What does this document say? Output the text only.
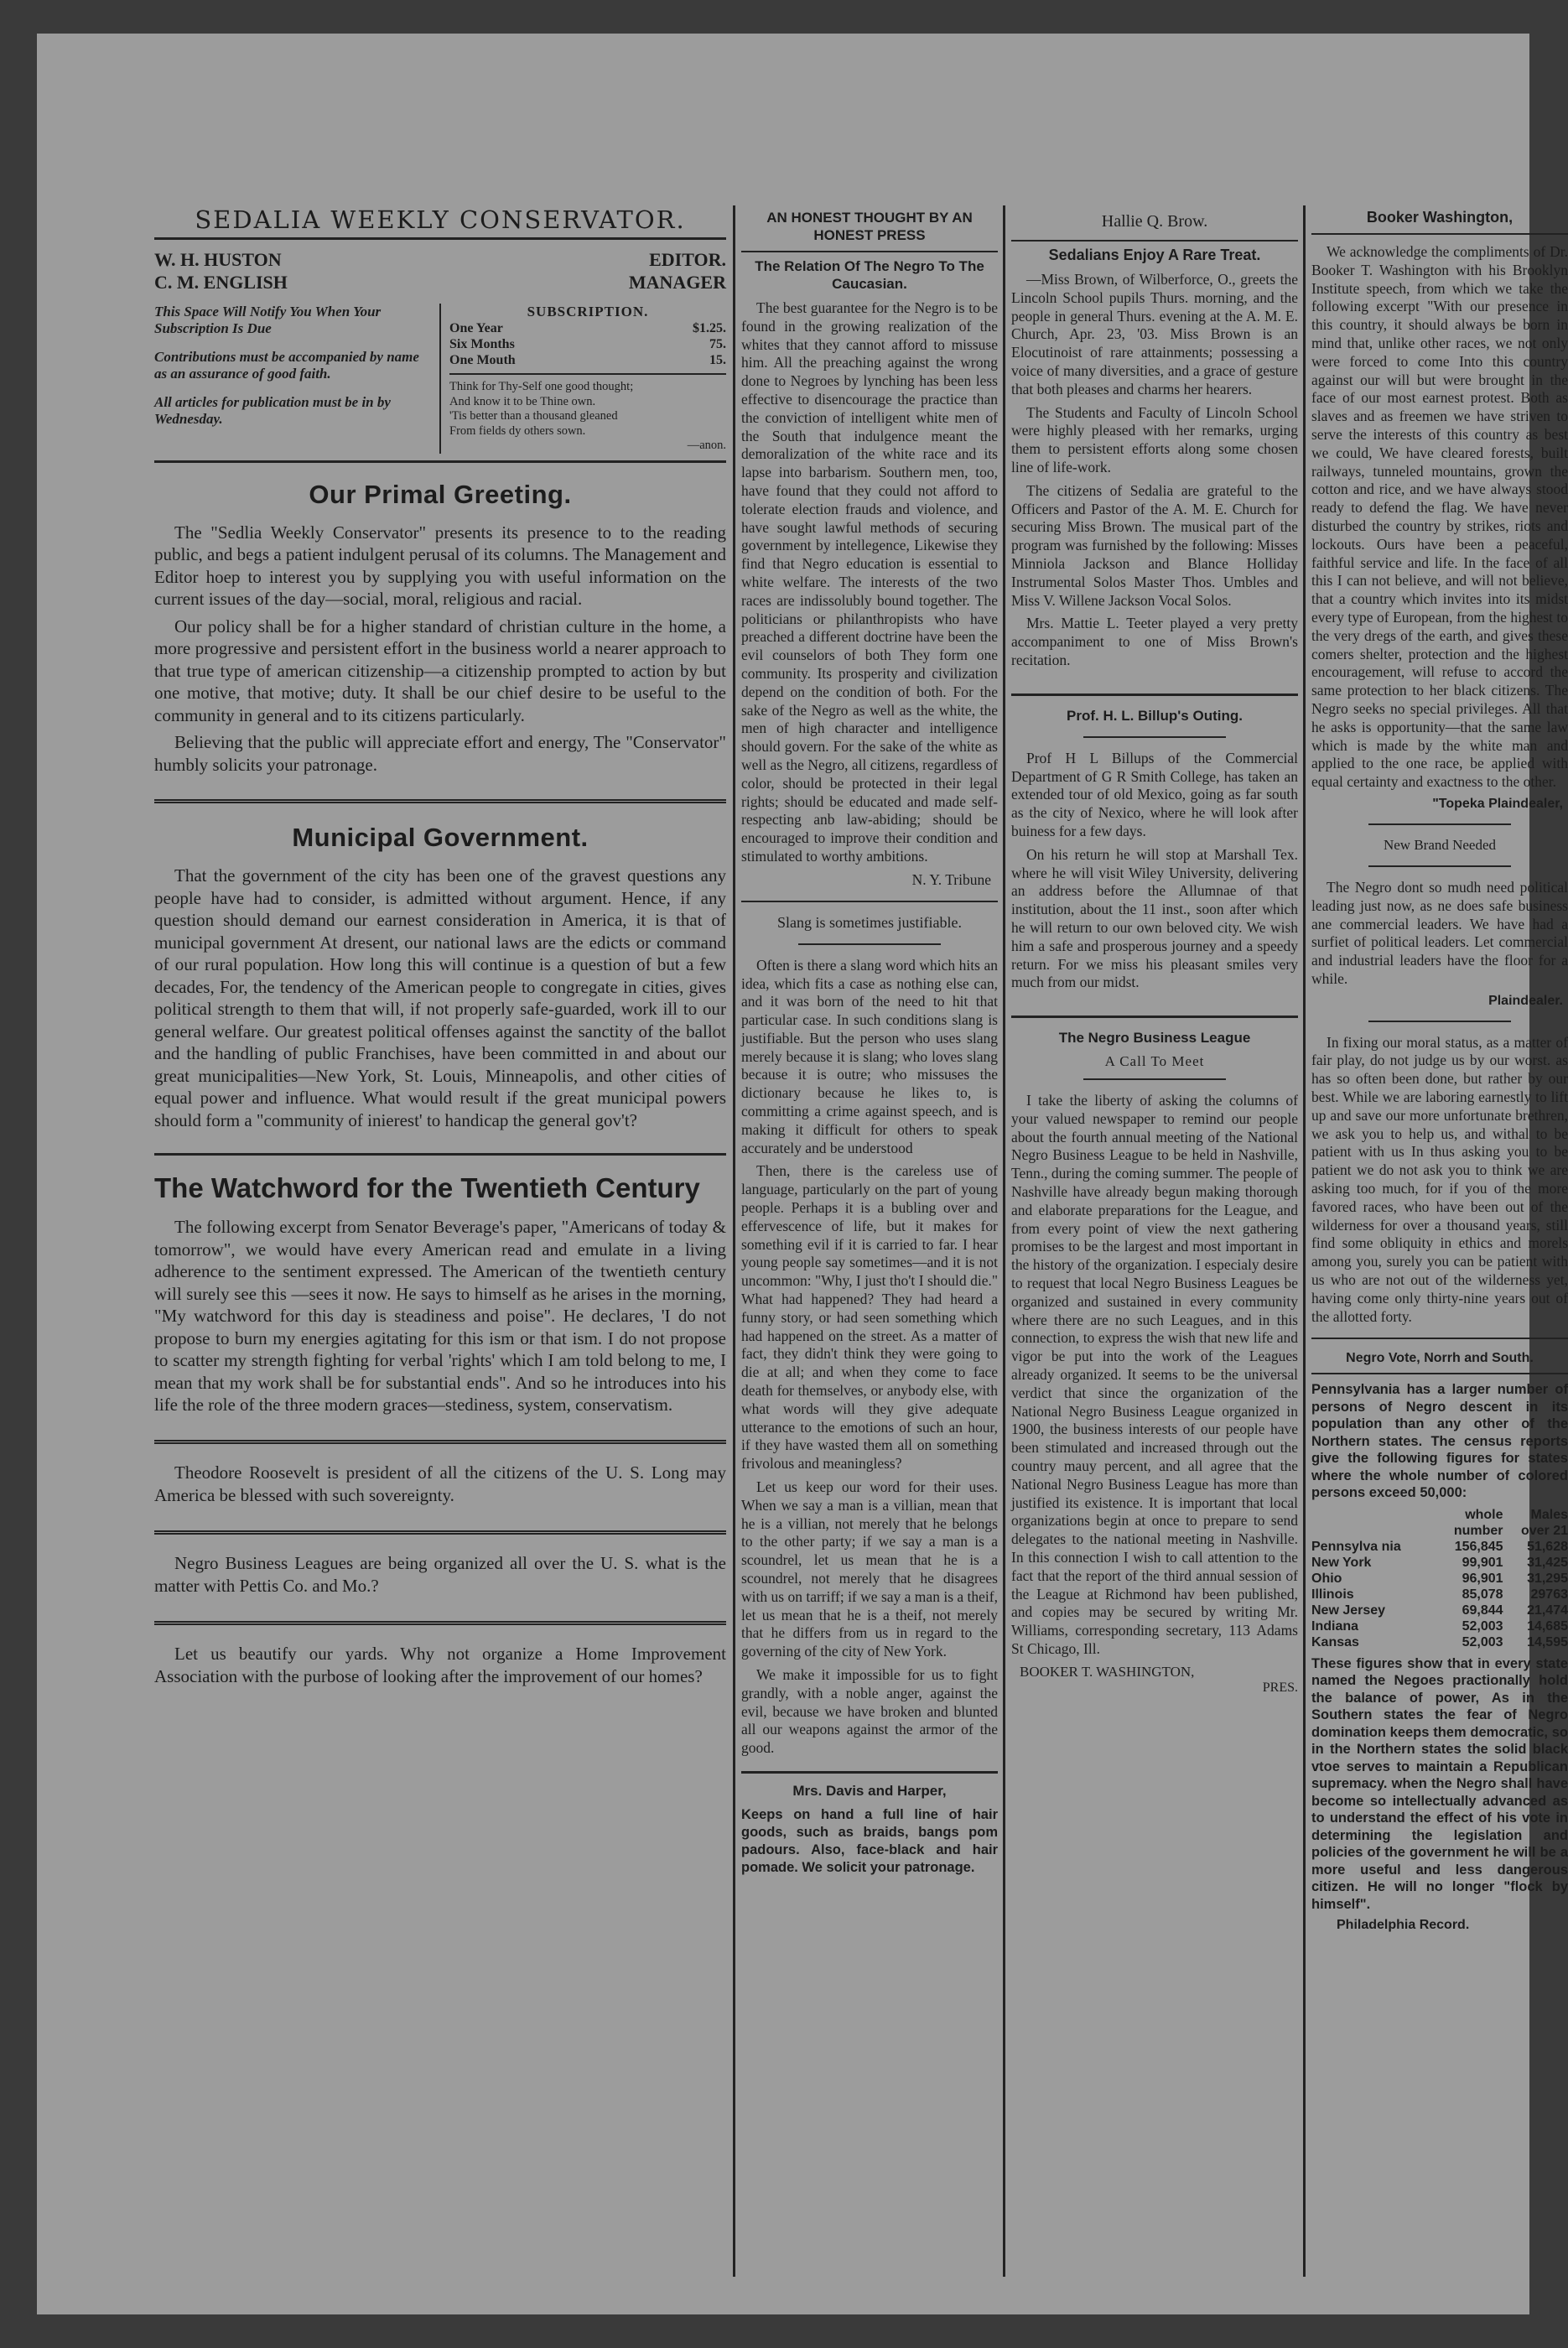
SEDALIA WEEKLY CONSERVATOR.
W. H. HUSTON	EDITOR.
C. M. ENGLISH	MANAGER
This Space Will Notify You When Your Subscription Is Due
Contributions must be accompanied by name as an assurance of good faith.
All articles for publication must be in by Wednesday.
SUBSCRIPTION.
One Year	$1.25.
Six Months	75.
One Mouth	15.
Think for Thy-Self one good thought;
And know it to be Thine own.
'Tis better than a thousand gleaned
From fields dy others sown.
—anon.
Our Primal Greeting.

The "Sedlia Weekly Conservator" presents its presence to to the reading public, and begs a patient indulgent perusal of its columns. The Management and Editor hoep to interest you by supplying you with useful information on the current issues of the day—social, moral, religious and racial.

Our policy shall be for a higher standard of christian culture in the home, a more progressive and persistent effort in the business world a nearer approach to that true type of american citizenship—a citizenship prompted to action by but one motive, that motive; duty. It shall be our chief desire to be useful to the community in general and to its citizens particularly.

Believing that the public will appreciate effort and energy, The "Conservator" humbly solicits your patronage.

Municipal Government.

That the government of the city has been one of the gravest questions any people have had to consider, is admitted without argument. Hence, if any question should demand our earnest consideration in America, it is that of municipal government At dresent, our national laws are the edicts or command of our rural population. How long this will continue is a question of but a few decades, For, the tendency of the American people to congregate in cities, gives political strength to them that will, if not properly safe-guarded, work ill to our general welfare. Our greatest political offenses against the sanctity of the ballot and the handling of public Franchises, have been committed in and about our great municipalities—New York, St. Louis, Minneapolis, and other cities of equal power and influence. What would result if the great municipal powers should form a "community of inierest' to handicap the general gov't?

The Watchword for the Twentieth Century

The following excerpt from Senator Beverage's paper, "Americans of today & tomorrow", we would have every American read and emulate in a living adherence to the sentiment expressed. The American of the twentieth century will surely see this —sees it now. He says to himself as he arises in the morning, "My watchword for this day is steadiness and poise". He declares, 'I do not propose to burn my energies agitating for this ism or that ism. I do not propose to scatter my strength fighting for verbal 'rights' which I am told belong to me, I mean that my work shall be for substantial ends". And so he introduces into his life the role of the three modern graces—stediness, system, conservatism.

Theodore Roosevelt is president of all the citizens of the U. S. Long may America be blessed with such sovereignty.

Negro Business Leagues are being organized all over the U. S. what is the matter with Pettis Co. and Mo.?

Let us beautify our yards. Why not organize a Home Improvement Association with the purbose of looking after the improvement of our homes?

AN HONEST THOUGHT BY AN HONEST PRESS
The Relation Of The Negro To The Caucasian.

The best guarantee for the Negro is to be found in the growing realization of the whites that they cannot afford to missuse him. All the preaching against the wrong done to Negroes by lynching has been less effective to disencourage the practice than the conviction of intelligent white men of the South that indulgence meant the demoralization of the white race and its lapse into barbarism. Southern men, too, have found that they could not afford to tolerate election frauds and violence, and have sought lawful methods of securing government by intellegence, Likewise they find that Negro education is essential to white welfare. The interests of the two races are indissolubly bound together. The politicians or philanthropists who have preached a different doctrine have been the evil counselors of both They form one community. Its prosperity and civilization depend on the condition of both. For the sake of the Negro as well as the white, the men of high character and intelligence should govern. For the sake of the white as well as the Negro, all citizens, regardless of color, should be protected in their legal rights; should be educated and made self-respecting anb law-abiding; should be encouraged to improve their condition and stimulated to worthy ambitions.

N. Y. Tribune
Slang is sometimes justifiable.

Often is there a slang word which hits an idea, which fits a case as nothing else can, and it was born of the need to hit that particular case. In such conditions slang is justifiable. But the person who uses slang merely because it is slang; who loves slang because it is outre; who missuses the dictionary because he likes to, is committing a crime against speech, and is making it difficult for others to speak accurately and be understood

Then, there is the careless use of language, particularly on the part of young people. Perhaps it is a bubling over and effervescence of life, but it makes for something evil if it is carried to far. I hear young people say sometimes—and it is not uncommon: "Why, I just tho't I should die." What had happened? They had heard a funny story, or had seen something which had happened on the street. As a matter of fact, they didn't think they were going to die at all; and when they come to face death for themselves, or anybody else, with what words will they give adequate utterance to the emotions of such an hour, if they have wasted them all on something frivolous and meaningless?

Let us keep our word for their uses. When we say a man is a villian, mean that he is a villian, not merely that he belongs to the other party; if we say a man is a scoundrel, let us mean that he is a scoundrel, not merely that he disagrees with us on tarriff; if we say a man is a theif, let us mean that he is a theif, not merely that he differs from us in regard to the governing of the city of New York.

We make it impossible for us to fight grandly, with a noble anger, against the evil, because we have broken and blunted all our weapons against the armor of the good.

Mrs. Davis and Harper,

Keeps on hand a full line of hair goods, such as braids, bangs pom padours. Also, face-black and hair pomade. We solicit your patronage.

Hallie Q. Brow.
Sedalians Enjoy A Rare Treat.

—Miss Brown, of Wilberforce, O., greets the Lincoln School pupils Thurs. morning, and the people in general Thurs. evening at the A. M. E. Church, Apr. 23, '03. Miss Brown is an Elocutinoist of rare attainments; possessing a voice of many diversities, and a grace of gesture that both pleases and charms her hearers.

The Students and Faculty of Lincoln School were highly pleased with her remarks, urging them to persistent efforts along some chosen line of life-work.

The citizens of Sedalia are grateful to the Officers and Pastor of the A. M. E. Church for securing Miss Brown. The musical part of the program was furnished by the following: Misses Minniola Jackson and Blance Holliday Instrumental Solos Master Thos. Umbles and Miss V. Willene Jackson Vocal Solos.

Mrs. Mattie L. Teeter played a very pretty accompaniment to one of Miss Brown's recitation.

Prof. H. L. Billup's Outing.

Prof H L Billups of the Commercial Department of G R Smith College, has taken an extended tour of old Mexico, going as far south as the city of Nexico, where he will look after buiness for a few days.

On his return he will stop at Marshall Tex. where he will visit Wiley University, delivering an address before the Allumnae of that institution, about the 11 inst., soon after which he will return to our own beloved city. We wish him a safe and prosperous journey and a speedy return. For we miss his pleasant smiles very much from our midst.

The Negro Business League
A Call To Meet

I take the liberty of asking the columns of your valued newspaper to remind our people about the fourth annual meeting of the National Negro Business League to be held in Nashville, Tenn., during the coming summer. The people of Nashville have already begun making thorough and elaborate preparations for the League, and from every point of view the next gathering promises to be the largest and most important in the history of the organization. I especialy desire to request that local Negro Business Leagues be organized and sustained in every community where there are no such Leagues, and in this connection, to express the wish that new life and vigor be put into the work of the Leagues already organized. It seems to be the universal verdict that since the organization of the National Negro Business League organized in 1900, the business interests of our people have been stimulated and increased through out the country mauy percent, and all agree that the National Negro Business League has more than justified its existence. It is important that local organizations begin at once to prepare to send delegates to the national meeting in Nashville. In this connection I wish to call attention to the fact that the report of the third annual session of the League at Richmond hav been published, and copies may be secured by writing Mr. Williams, corresponding secretary, 113 Adams St Chicago, Ill.

BOOKER T. WASHINGTON,
PRES.
Booker Washington,

We acknowledge the compliments of Dr. Booker T. Washington with his Brooklyn Institute speech, from which we take the following excerpt "With our presence in this country, it should always be born in mind that, unlike other races, we not only were forced to come Into this country against our will but were brought in the face of our most earnest protest. Both as slaves and as freemen we have striven to serve the interests of this country as best we could, We have cleared forests, built railways, tunneled mountains, grown the cotton and rice, and we have always stood ready to defend the flag. We have never disturbed the country by strikes, riots and lockouts. Ours have been a peaceful, faithful service and life. In the face of all this I can not believe, and will not believe, that a country which invites into its midst every type of European, from the highest to the very dregs of the earth, and gives these comers shelter, protection and the highest encouragement, will refuse to accord the same protection to her black citizens. The Negro seeks no special privileges. All that he asks is opportunity—that the same law which is made by the white man and applied to the one race, be applied with equal certainty and exactness to the other.

"Topeka Plaindealer,
New Brand Needed

The Negro dont so mudh need political leading just now, as ne does safe business ane commercial leaders. We have had a surfiet of political leaders. Let commercial and industrial leaders have the floor for a while.

Plaindealer.

In fixing our moral status, as a matter of fair play, do not judge us by our worst. as has so often been done, but rather by our best. While we are laboring earnestly to lift up and save our more unfortunate brethren, we ask you to help us, and withal to be patient with us In thus asking you to be patient we do not ask you to think we are asking too much, for if you of the more favored races, who have been out of the wilderness for over a thousand years, still find some obliquity in ethics and morels among you, surely you can be patient with us who are not out of the wilderness yet, having come only thirty-nine years out of the allotted forty.

Negro Vote, Norrh and South.

Pennsylvania has a larger number of persons of Negro descent in its population than any other of the Northern states. The census reports give the following figures for states where the whole number of colored persons exceed 50,000:

	whole	Males
	number	over 21
Pennsylva nia	156,845	51,628
New York	99,901	31,425
Ohio	96,901	31,295
Illinois	85,078	29763
New Jersey	69,844	21,474
Indiana	52,003	14,685
Kansas	52,003	14,595

These figures show that in every state named the Negoes practionally hold the balance of power, As in the Southern states the fear of Negro domination keeps them democratic, so in the Northern states the solid black vtoe serves to maintain a Republican supremacy. when the Negro shall have become so intellectually advanced as to understand the effect of his vote in determining the legislation and policies of the government he will be a more useful and less dangerous citizen. He will no longer "flock by himself".

Philadelphia Record.
